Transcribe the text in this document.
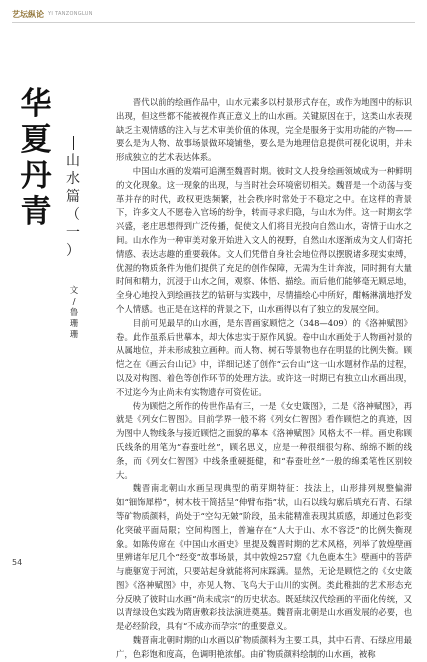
艺坛纵论 YI TANZONGLUN
华
夏
丹
青
山
水
篇
（
一
）
文
/
鲁
珊
珊

晋代以前的绘画作品中，山水元素多以村景形式存在，或作为地图中的标识出现，但这些都不能被视作真正意义上的山水画。关键原因在于，这类山水表现缺乏主观情感的注入与艺术审美价值的体现，完全是服务于实用功能的产物——要么是为人物、故事场景做环境铺垫，要么是为地理信息提供可视化说明，并未形成独立的艺术表达体系。

中国山水画的发端可追溯至魏晋时期。彼时文人投身绘画领域成为一种鲜明的文化现象。这一现象的出现，与当时社会环境密切相关。魏晋是一个动荡与变革并存的时代，政权更迭频繁，社会秩序时常处于不稳定之中。在这样的背景下，许多文人不愿卷入官场的纷争，转而寻求归隐，与山水为伴。这一时期玄学兴盛，老庄思想得到广泛传播，促使文人们将目光投向自然山水，寄情于山水之间。山水作为一种审美对象开始进入文人的视野，自然山水逐渐成为文人们寄托情感、表达志趣的重要载体。文人们凭借自身社会地位得以摆脱诸多现实束缚，优渥的物质条件为他们提供了充足的创作保障，无需为生计奔波，同时拥有大量时间和精力，沉浸于山水之间，观察、体悟、描绘。而后他们能够毫无顾忌地，全身心地投入到绘画技艺的钻研与实践中，尽情描绘心中所好，酣畅淋漓地抒发个人情感。也正是在这样的背景之下，山水画得以有了独立的发展空间。

目前可见最早的山水画，是东晋画家顾恺之（348—409）的《洛神赋图》卷。此作虽系后世摹本，却大体忠实于原作风貌。卷中山水画处于人物画衬景的从属地位，并未形成独立画种。而人物、树石等景物也存在明显的比例失衡。顾恺之在《画云台山记》中，详细记述了创作“云台山”这一山水题材作品的过程，以及对构图、着色等创作环节的处理方法。或许这一时期已有独立山水画出现，不过迄今为止尚未有实物遗存可资佐证。

传为顾恺之所作的传世作品有三，一是《女史箴图》，二是《洛神赋图》，再就是《列女仁智图》。目前学界一般不将《列女仁智图》看作顾恺之的真迹，因为图中人物线条与接近顾恺之面貌的摹本《洛神赋图》风格太不一样。画史称顾氏线条的用笔为“春蚕吐丝”，顾名思义，应是一种很细很匀称、绵绵不断的线条，而《列女仁智图》中线条重硬挺健，和“春蚕吐丝”一般的绵柔笔性区别较大。

魏晋南北朝山水画呈现典型的萌芽期特征：技法上，山形排列规整偏滞如“钿饰犀栉”，树木枝干简括呈“伸臂布指”状，山石以线勾廓后填充石青、石绿等矿物质颜料，尚处于“空勾无皴”阶段，虽未能精准表现其质感，却通过色彩变化突破平面局限；空间构图上，普遍存在“人大于山、水不容泛”的比例失衡现象。如陈传席在《中国山水画史》里提及魏晋时期的艺术风格，列举了敦煌壁画里辨诸年尼几个“经变”故事场景，其中敦煌257窟《九色鹿本生》壁画中的菩萨与鹿躯宽于河流，只要站起身就能将河床踩满。显然，无论是顾恺之的《女史箴图》《洛神赋图》中，亦见人物、飞鸟大于山川的实例。类此稚拙的艺术形态充分反映了彼时山水画“尚未成宗”的历史状态。既延续汉代绘画的平面化传统，又以青绿设色实践为隋唐敷彩技法演进奠基。魏晋南北朝是山水画发展的必要，也是必经阶段，具有“不成亦而孕宗”的重要意义。

魏晋南北朝时期的山水画以矿物质颜料为主要工具，其中石青、石绿应用最广，色彩饱和度高，色调明艳浓郁。由矿物质颜料绘制的山水画，被称

54
